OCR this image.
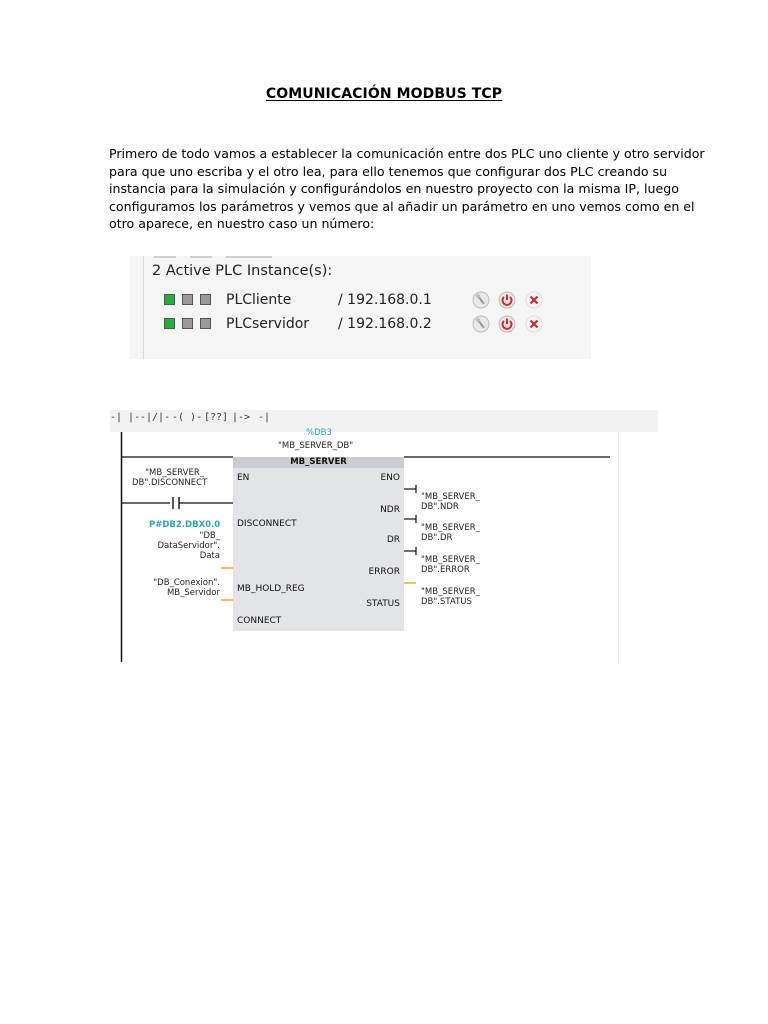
COMUNICACIÓN MODBUS TCP
Primero de todo vamos a establecer la comunicación entre dos PLC uno cliente y otro servidor
para que uno escriba y el otro lea, para ello tenemos que configurar dos PLC creando su
instancia para la simulación y configurándolos en nuestro proyecto con la misma IP, luego
configuramos los parámetros y vemos que al añadir un parámetro en uno vemos como en el
otro aparece, en nuestro caso un número:
2 Active PLC Instance(s):
PLCliente	/ 192.168.0.1
PLCservidor / 192.168.0.2
-| |- -|/|- -( )- [??] |-> -|
%DB3
"MB_SERVER_DB"
MB_SERVER
EN
DISCONNECT
MB_HOLD_REG
CONNECT
ENO
NDR
DR
ERROR
STATUS
"MB_SERVER_
DB".DISCONNECT
P#DB2.DBX0.0
"DB_
DataServidor".
Data
"DB_Conexion".
MB_Servidor
"MB_SERVER_
DB".NDR
"MB_SERVER_
DB".DR
"MB_SERVER_
DB".ERROR
"MB_SERVER_
DB".STATUS
